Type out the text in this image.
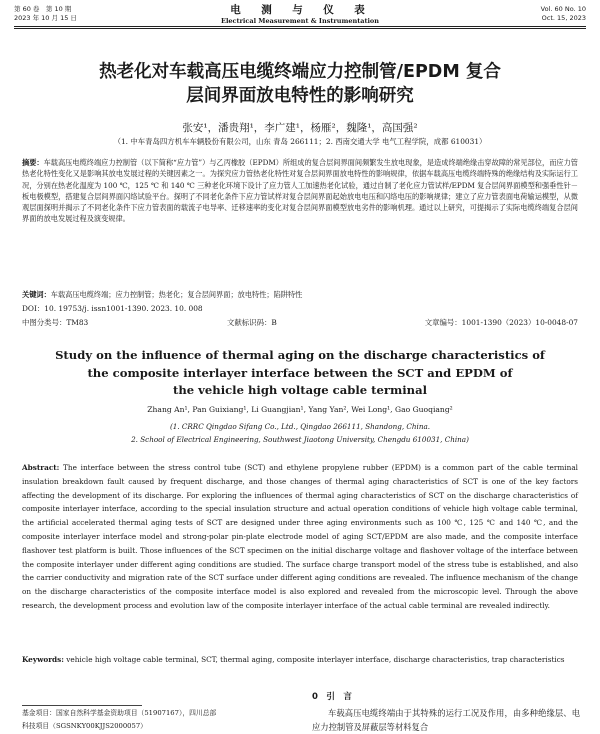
第 60 卷　第 10 期
2023 年 10 月 15 日
电　测　与　仪　表
Electrical Measurement & Instrumentation
Vol. 60 No. 10
Oct. 15, 2023
热老化对车载高压电缆终端应力控制管/EPDM 复合
层间界面放电特性的影响研究
张安¹，潘贵翔¹，李广建¹，杨雁²，魏隆¹，高国强²
（1. 中车青岛四方机车车辆股份有限公司，山东 青岛 266111；2. 西南交通大学 电气工程学院，成都 610031）
摘要：车载高压电缆终端应力控制管（以下简称“应力管”）与乙丙橡胶（EPDM）所组成的复合层间界面间频繁发生放电现象，是造成终端绝缘击穿故障的常见部位，而应力管热老化特性变化又是影响其放电发展过程的关键因素之一。为探究应力管热老化特性对复合层间界面放电特性的影响规律，依据车载高压电缆终端特殊的绝缘结构及实际运行工况，分别在热老化温度为 100 ℃，125 ℃ 和 140 ℃ 三种老化环境下设计了应力管人工加速热老化试验，通过自制了老化应力管试样/EPDM 复合层间界面模型和强垂性针－板电极模型，搭建复合层间界面闪络试验平台。探明了不同老化条件下应力管试样对复合层间界面起始放电电压和闪络电压的影响规律；建立了应力管表面电荷输运模型，从微观层面探明并揭示了不同老化条件下应力管表面的载流子电导率、迁移速率的变化对复合层间界面模型放电劣件的影响机理。通过以上研究，可提揭示了实际电缆终端复合层间界面的放电发展过程及演变规律。
关键词：车载高压电缆终端；应力控制管；热老化；复合层间界面；放电特性；陷阱特性
DOI：10. 19753/j. issn1001-1390. 2023. 10. 008
中图分类号：TM83	文献标识码：B	文章编号：1001-1390（2023）10-0048-07
Study on the influence of thermal aging on the discharge characteristics of
the composite interlayer interface between the SCT and EPDM of
the vehicle high voltage cable terminal
Zhang An¹, Pan Guixiang¹, Li Guangjian¹, Yang Yan², Wei Long¹, Gao Guoqiang²
(1. CRRC Qingdao Sifang Co., Ltd., Qingdao 266111, Shandong, China.
2. School of Electrical Engineering, Southwest Jiaotong University, Chengdu 610031, China)
Abstract: The interface between the stress control tube (SCT) and ethylene propylene rubber (EPDM) is a common part of the cable terminal insulation breakdown fault caused by frequent discharge, and those changes of thermal aging characteristics of SCT is one of the key factors affecting the development of its discharge. For exploring the influences of thermal aging characteristics of SCT on the discharge characteristics of composite interlayer interface, according to the special insulation structure and actual operation conditions of vehicle high voltage cable terminal, the artificial accelerated thermal aging tests of SCT are designed under three aging environments such as 100 ℃, 125 ℃ and 140 ℃, and the composite interlayer interface model and strong-polar pin-plate electrode model of aging SCT/EPDM are also made, and the composite interface flashover test platform is built. Those influences of the SCT specimen on the initial discharge voltage and flashover voltage of the interface between the composite interlayer under different aging conditions are studied. The surface charge transport model of the stress tube is established, and also the carrier conductivity and migration rate of the SCT surface under different aging conditions are revealed. The influence mechanism of the change on the discharge characteristics of the composite interface model is also explored and revealed from the microscopic level. Through the above research, the development process and evolution law of the composite interlayer interface of the actual cable terminal are revealed indirectly.
Keywords: vehicle high voltage cable terminal, SCT, thermal aging, composite interlayer interface, discharge characteristics, trap characteristics
基金项目：国家自然科学基金资助项目（51907167），四川总部
科技项目（SGSNKY00KJJS2000057）
0　引　言
车载高压电缆终端由于其特殊的运行工况及作用，由多种绝缘层、电应力控制管及屏蔽层等材料复合
